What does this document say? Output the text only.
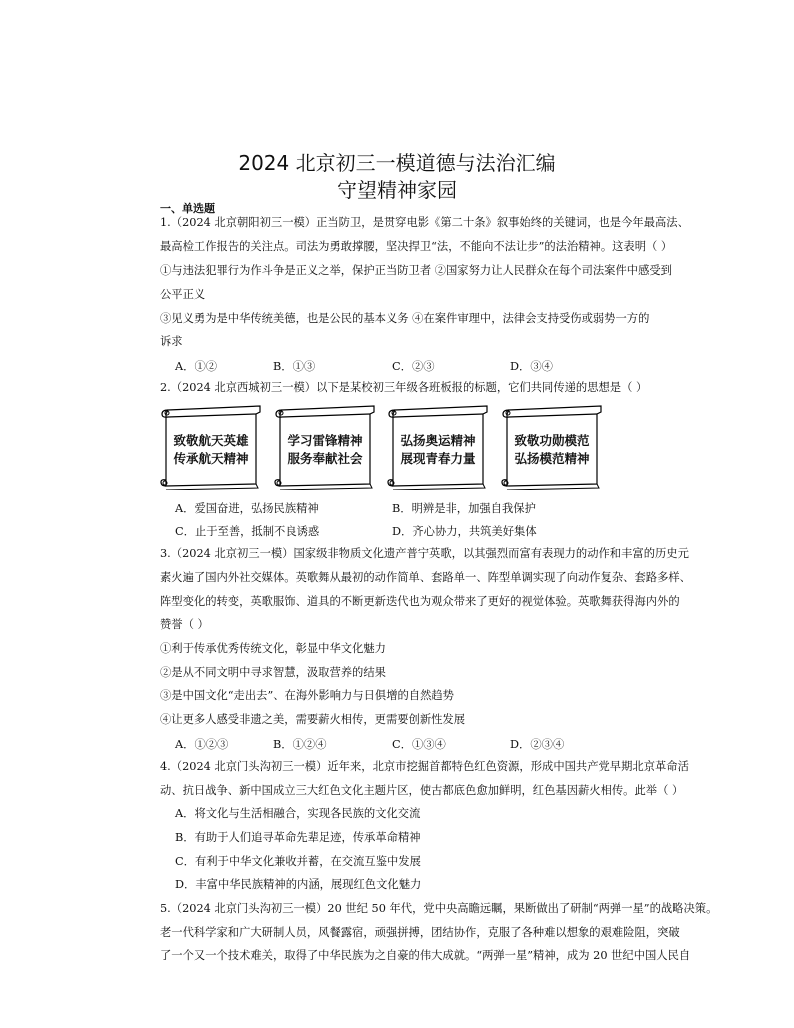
2024 北京初三一模道德与法治汇编
守望精神家园
一、单选题
1.（2024 北京朝阳初三一模）正当防卫，是贯穿电影《第二十条》叙事始终的关键词，也是今年最高法、
最高检工作报告的关注点。司法为勇敢撑腰，坚决捍卫“法，不能向不法让步”的法治精神。这表明（ ）
①与违法犯罪行为作斗争是正义之举，保护正当防卫者 ②国家努力让人民群众在每个司法案件中感受到
公平正义
③见义勇为是中华传统美德，也是公民的基本义务 ④在案件审理中，法律会支持受伤或弱势一方的
诉求
A．①②	B．①③	C．②③	D．③④
2.（2024 北京西城初三一模）以下是某校初三年级各班板报的标题，它们共同传递的思想是（ ）
致敬航天英雄
传承航天精神
学习雷锋精神
服务奉献社会
弘扬奥运精神
展现青春力量
致敬功勋模范
弘扬模范精神
A．爱国奋进，弘扬民族精神	B．明辨是非，加强自我保护
C．止于至善，抵制不良诱惑	D．齐心协力，共筑美好集体
3.（2024 北京初三一模）国家级非物质文化遗产普宁英歌，以其强烈而富有表现力的动作和丰富的历史元
素火遍了国内外社交媒体。英歌舞从最初的动作简单、套路单一、阵型单调实现了向动作复杂、套路多样、
阵型变化的转变，英歌服饰、道具的不断更新迭代也为观众带来了更好的视觉体验。英歌舞获得海内外的
赞誉（ ）
①利于传承优秀传统文化，彰显中华文化魅力
②是从不同文明中寻求智慧，汲取营养的结果
③是中国文化“走出去”、在海外影响力与日俱增的自然趋势
④让更多人感受非遗之美，需要薪火相传，更需要创新性发展
A．①②③	B．①②④	C．①③④	D．②③④
4.（2024 北京门头沟初三一模）近年来，北京市挖掘首都特色红色资源，形成中国共产党早期北京革命活
动、抗日战争、新中国成立三大红色文化主题片区，使古都底色愈加鲜明，红色基因薪火相传。此举（ ）
A．将文化与生活相融合，实现各民族的文化交流
B．有助于人们追寻革命先辈足迹，传承革命精神
C．有利于中华文化兼收并蓄，在交流互鉴中发展
D．丰富中华民族精神的内涵，展现红色文化魅力
5.（2024 北京门头沟初三一模）20 世纪 50 年代，党中央高瞻远瞩，果断做出了研制“两弹一星”的战略决策。
老一代科学家和广大研制人员，风餐露宿，顽强拼搏，团结协作，克服了各种难以想象的艰难险阻，突破
了一个又一个技术难关，取得了中华民族为之自豪的伟大成就。“两弹一星”精神，成为 20 世纪中国人民自
